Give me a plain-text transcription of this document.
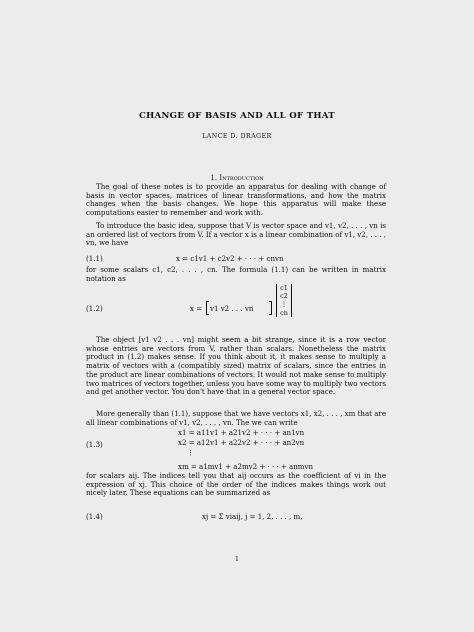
CHANGE OF BASIS AND ALL OF THAT
LANCE D. DRAGER
1. Introduction
The goal of these notes is to provide an apparatus for dealing with change of basis in vector spaces, matrices of linear transformations, and how the matrix changes when the basis changes. We hope this apparatus will make these computations easier to remember and work with.
To introduce the basic idea, suppose that V is vector space and v1, v2, . . . , vn is an ordered list of vectors from V. If a vector x is a linear combination of v1, v2, . . . , vn, we have
(1.1)	x = c1v1 + c2v2 + · · · + cnvn
for some scalars c1, c2, . . . , cn. The formula (1.1) can be written in matrix notation as
(1.2)	x = v1 v2 . . . vn
c1
c2
⋮
cn
The object [v1 v2 . . . vn] might seem a bit strange, since it is a row vector whose entries are vectors from V, rather than scalars. Nonetheless the matrix product in (1.2) makes sense. If you think about it, it makes sense to multiply a matrix of vectors with a (compatibly sized) matrix of scalars, since the entries in the product are linear combinations of vectors. It would not make sense to multiply two matrices of vectors together, unless you have some way to multiply two vectors and get another vector. You don't have that in a general vector space.
More generally than (1.1), suppose that we have vectors x1, x2, . . . , xm that are all linear combinations of v1, v2, . . . , vn. The we can write
(1.3)
x1 = a11v1 + a21v2 + · · · + an1vn
x2 = a12v1 + a22v2 + · · · + an2vn
⋮
xm = a1mv1 + a2mv2 + · · · + anmvn
for scalars aij. The indices tell you that aij occurs as the coefficient of vi in the expression of xj. This choice of the order of the indices makes things work out nicely later. These equations can be summarized as
(1.4)	xj = Σ viaij, j = 1, 2, . . . , m,
1
